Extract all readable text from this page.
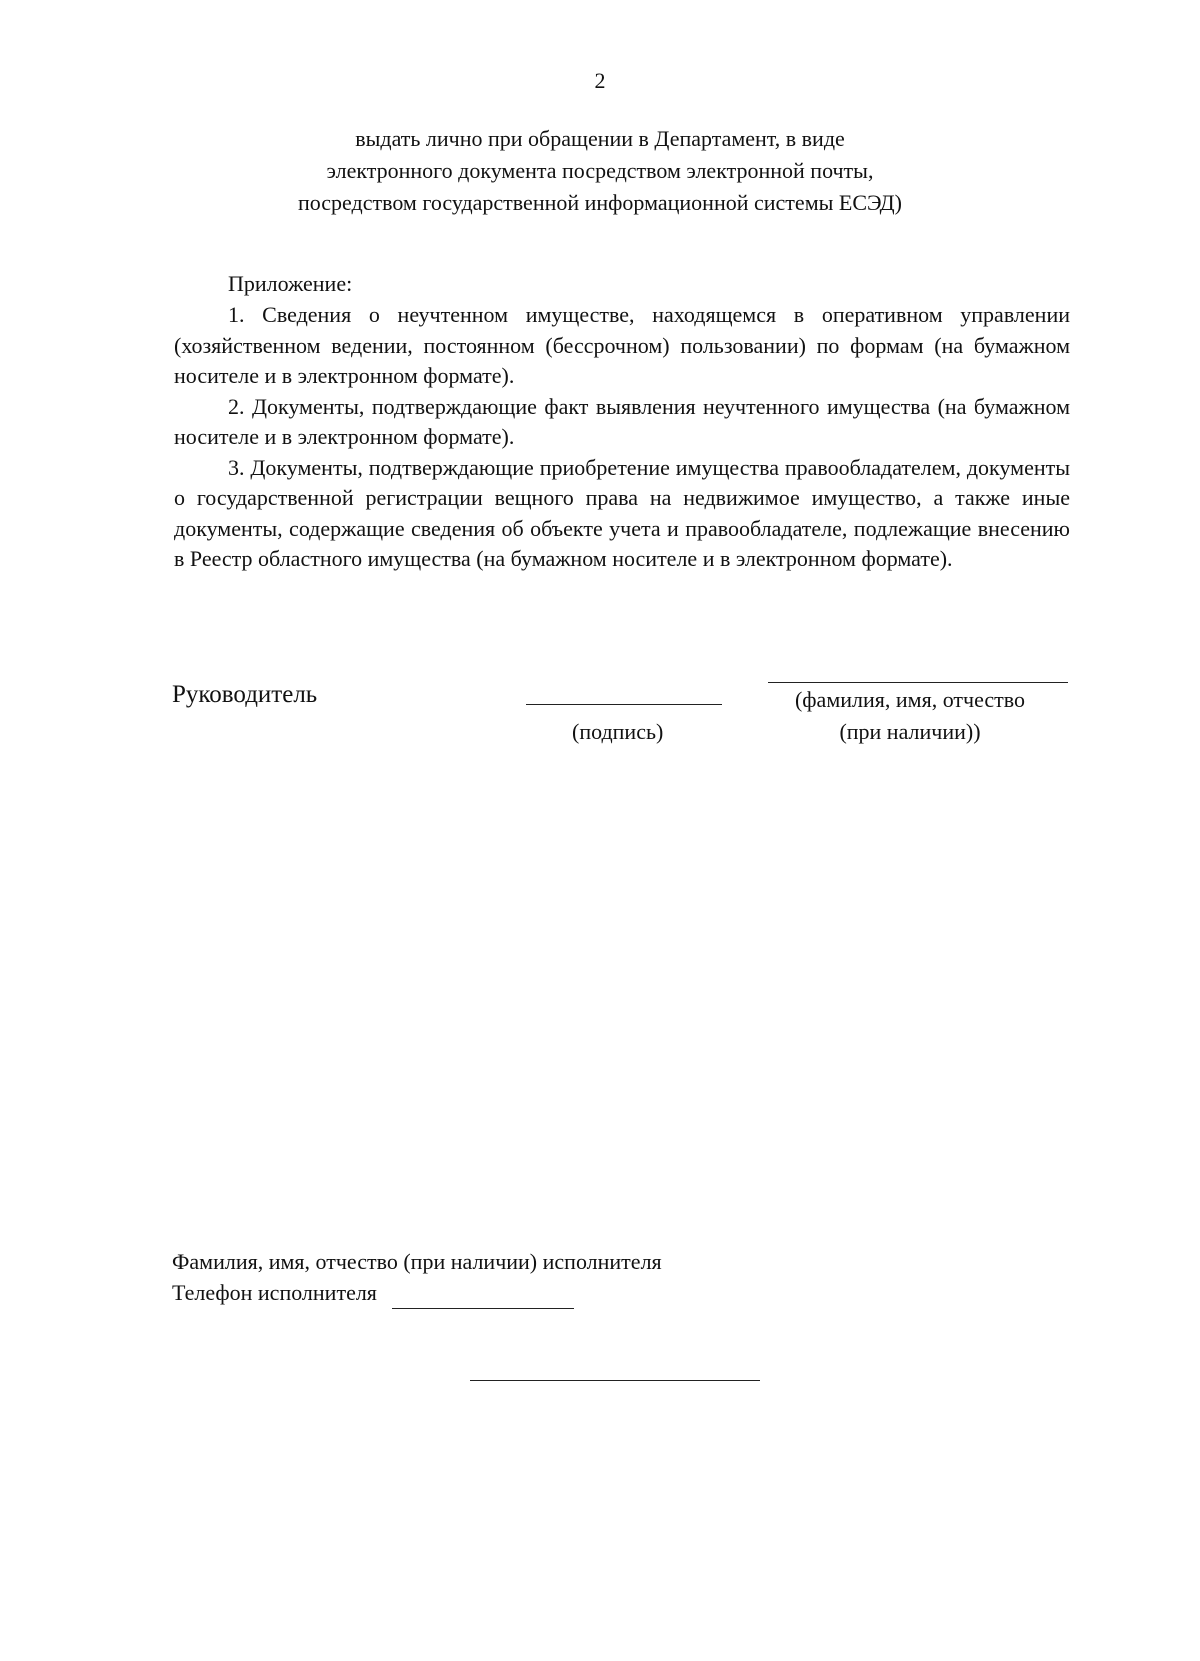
2
выдать лично при обращении в Департамент, в виде
электронного документа посредством электронной почты,
посредством государственной информационной системы ЕСЭД)
Приложение:

1. Сведения о неучтенном имуществе, находящемся в оперативном управлении (хозяйственном ведении, постоянном (бессрочном) пользовании) по формам (на бумажном носителе и в электронном формате).

2. Документы, подтверждающие факт выявления неучтенного имущества (на бумажном носителе и в электронном формате).

3. Документы, подтверждающие приобретение имущества правообладателем, документы о государственной регистрации вещного права на недвижимое имущество, а также иные документы, содержащие сведения об объекте учета и правообладателе, подлежащие внесению в Реестр областного имущества (на бумажном носителе и в электронном формате).

Руководитель
(подпись)
(фамилия, имя, отчество
(при наличии))
Фамилия, имя, отчество (при наличии) исполнителя
Телефон исполнителя
